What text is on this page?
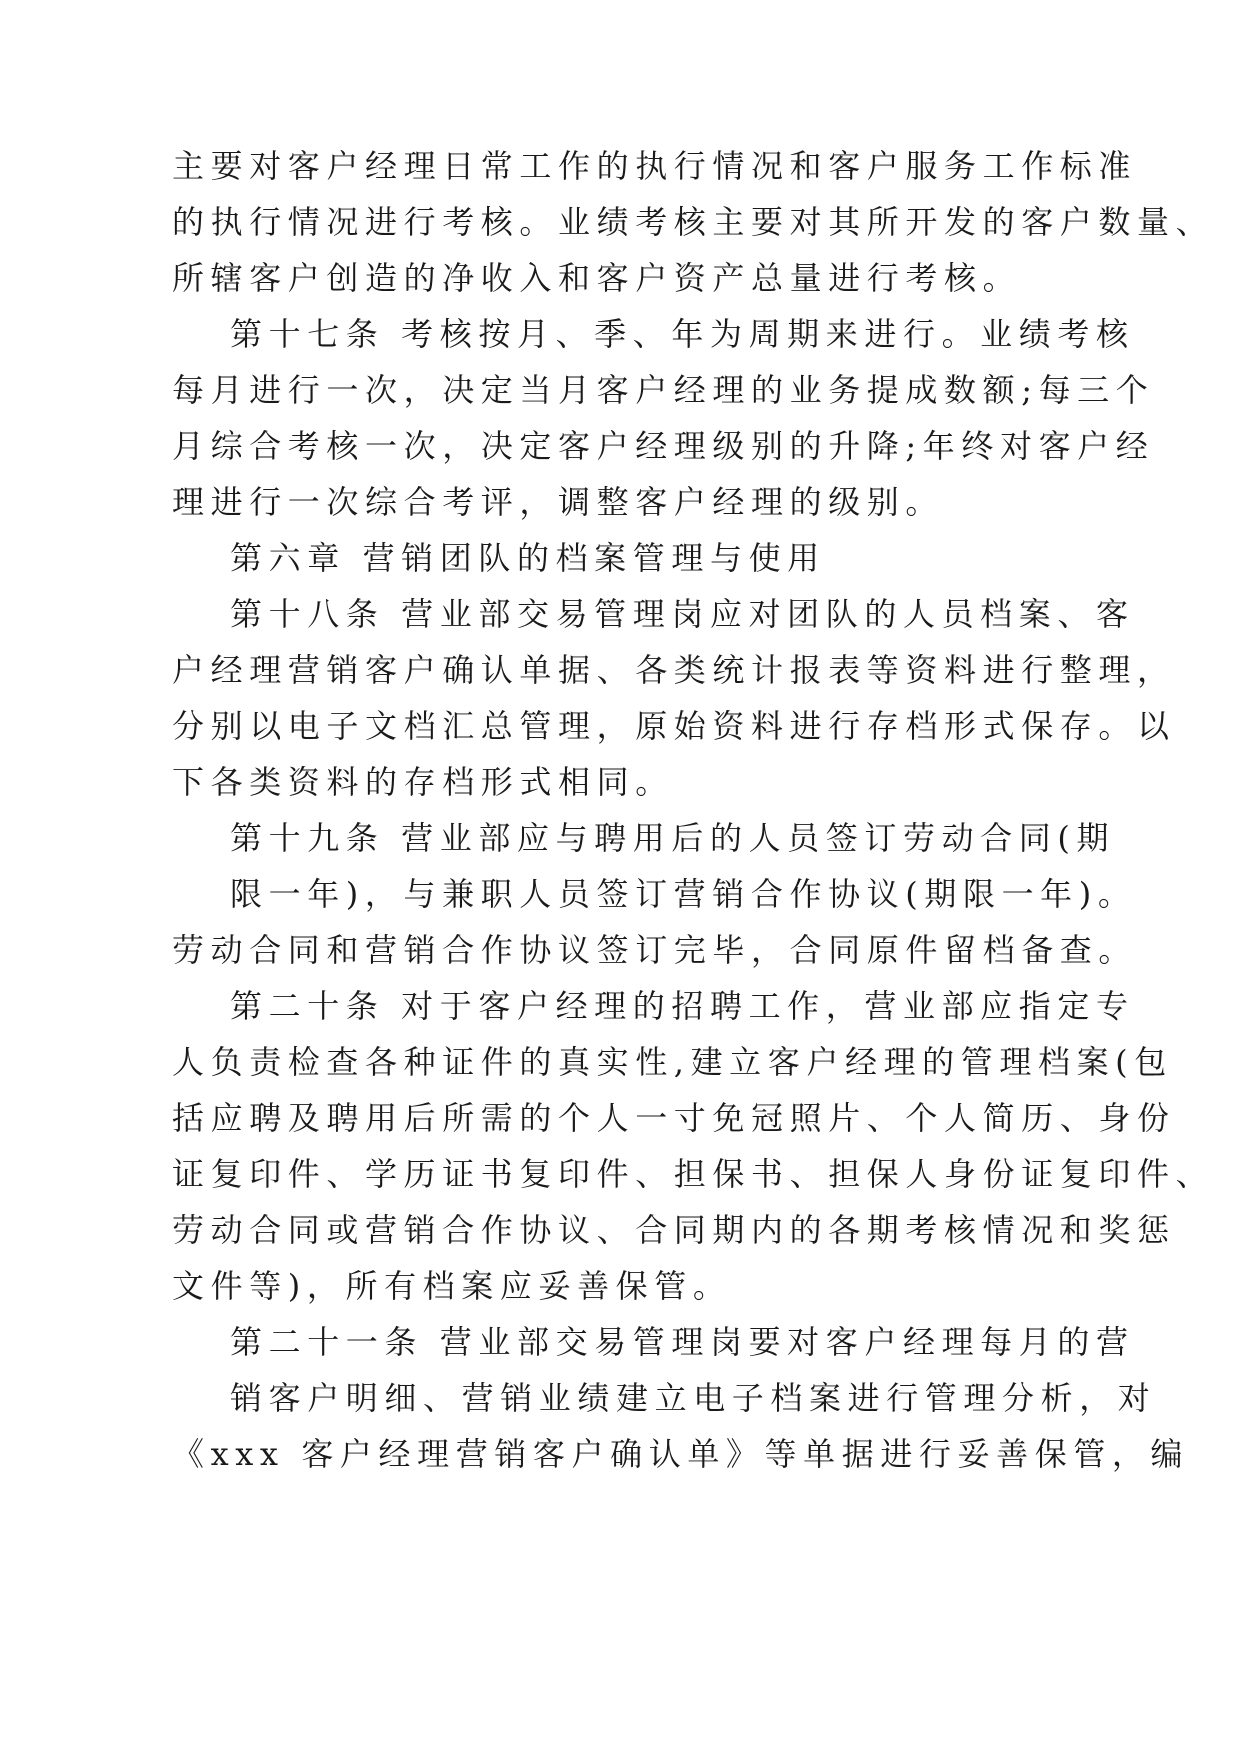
主要对客户经理日常工作的执行情况和客户服务工作标准
的执行情况进行考核。业绩考核主要对其所开发的客户数量、
所辖客户创造的净收入和客户资产总量进行考核。
第十七条 考核按月、季、年为周期来进行。业绩考核
每月进行一次，决定当月客户经理的业务提成数额;每三个
月综合考核一次，决定客户经理级别的升降;年终对客户经
理进行一次综合考评，调整客户经理的级别。
第六章 营销团队的档案管理与使用
第十八条 营业部交易管理岗应对团队的人员档案、客
户经理营销客户确认单据、各类统计报表等资料进行整理，
分别以电子文档汇总管理，原始资料进行存档形式保存。以
下各类资料的存档形式相同。
第十九条 营业部应与聘用后的人员签订劳动合同(期
限一年)，与兼职人员签订营销合作协议(期限一年)。
劳动合同和营销合作协议签订完毕，合同原件留档备查。
第二十条 对于客户经理的招聘工作，营业部应指定专
人负责检查各种证件的真实性,建立客户经理的管理档案(包
括应聘及聘用后所需的个人一寸免冠照片、个人简历、身份
证复印件、学历证书复印件、担保书、担保人身份证复印件、
劳动合同或营销合作协议、合同期内的各期考核情况和奖惩
文件等)，所有档案应妥善保管。
第二十一条 营业部交易管理岗要对客户经理每月的营
销客户明细、营销业绩建立电子档案进行管理分析，对
《xxx 客户经理营销客户确认单》等单据进行妥善保管，编
